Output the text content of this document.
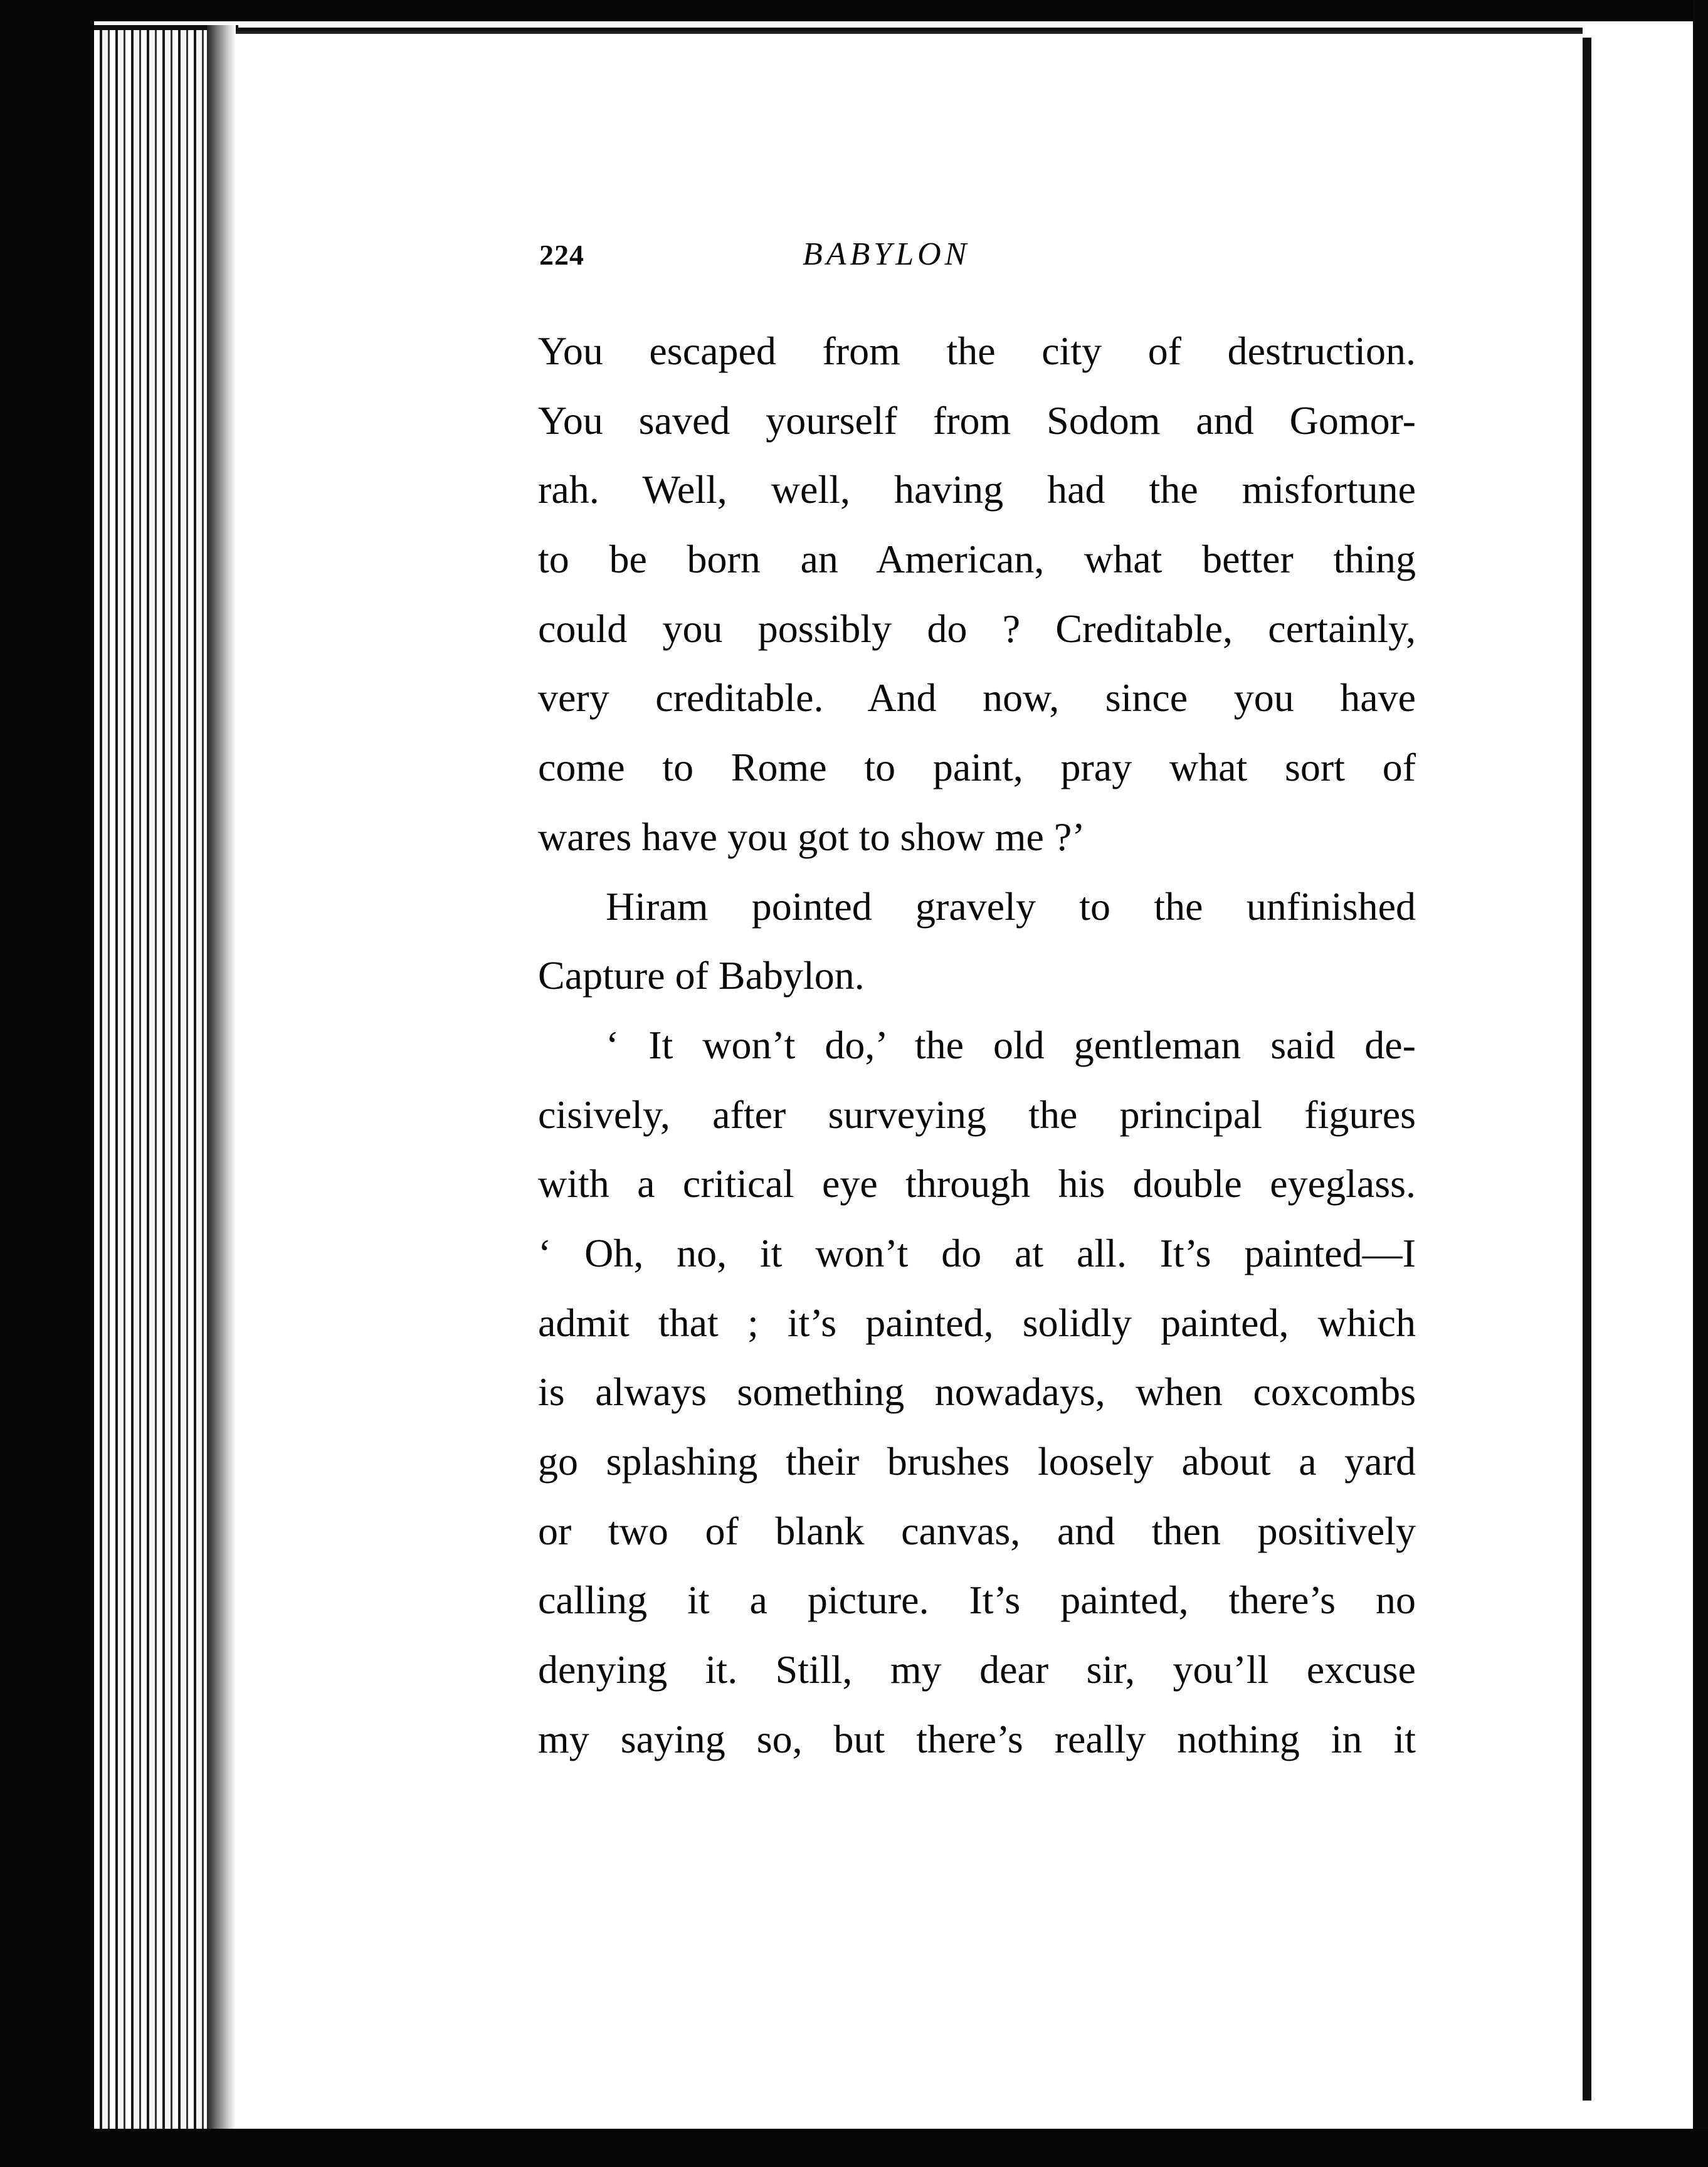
224	BABYLON
You escaped from the city of destruction.
You saved yourself from Sodom and Gomor-
rah. Well, well, having had the misfortune
to be born an American, what better thing
could you possibly do ? Creditable, certainly,
very creditable. And now, since you have
come to Rome to paint, pray what sort of
wares have you got to show me ?’
Hiram pointed gravely to the unfinished
Capture of Babylon.
‘ It won’t do,’ the old gentleman said de-
cisively, after surveying the principal figures
with a critical eye through his double eyeglass.
‘ Oh, no, it won’t do at all. It’s painted—I
admit that ; it’s painted, solidly painted, which
is always something nowadays, when coxcombs
go splashing their brushes loosely about a yard
or two of blank canvas, and then positively
calling it a picture. It’s painted, there’s no
denying it. Still, my dear sir, you’ll excuse
my saying so, but there’s really nothing in it
